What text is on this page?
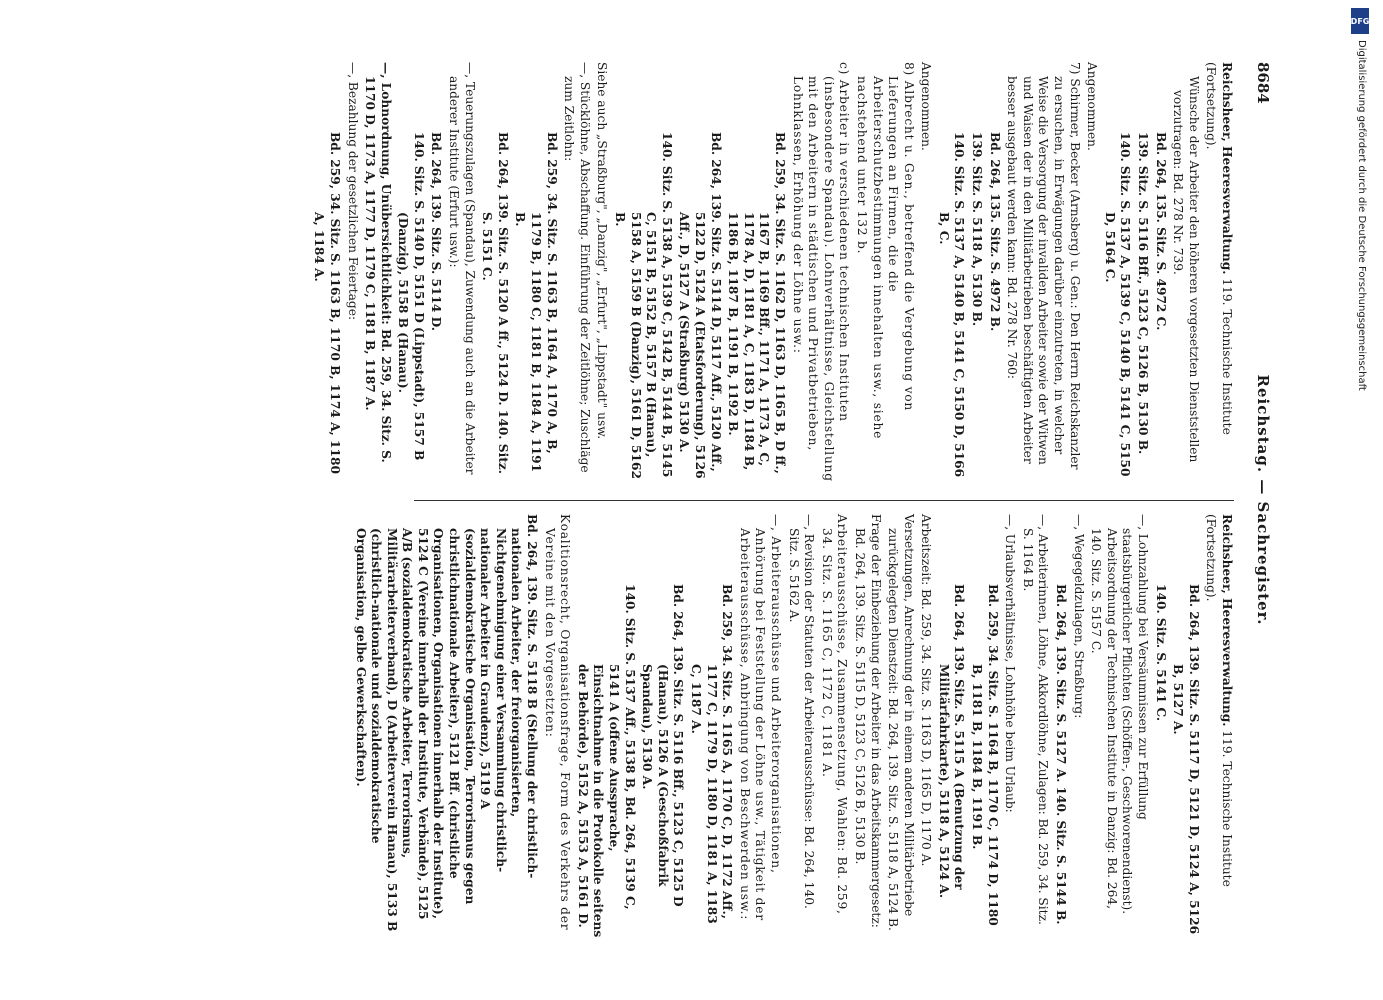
8684
Reichstag. — Sachregister.

Reichsheer, Heeresverwaltung. 119. Technische Institute (Fortsetzung).

Wünsche der Arbeiter den höheren vorgesetzten Dienststellen vorzutragen: Bd. 278 Nr. 739.

Bd. 264, 135. Sitz. S. 4972 C.

139. Sitz. S. 5116 Bff., 5123 C, 5126 B, 5130 B.

140. Sitz. S. 5137 A, 5139 C, 5140 B, 5141 C, 5150 D, 5164 C.

Angenommen.

7) Schirmer, Becker (Arnsberg) u. Gen.: Den Herrn Reichskanzler zu ersuchen, in Erwägungen darüber einzutreten, in welcher Weise die Versorgung der invaliden Arbeiter sowie der Witwen und Waisen der in den Militärbetrieben beschäftigten Arbeiter besser ausgebaut werden kann: Bd. 278 Nr. 760:

Bd. 264, 135. Sitz. S. 4972 B.

139. Sitz. S. 5118 A, 5130 B.

140. Sitz. S. 5137 A, 5140 B, 5141 C, 5150 D, 5166 B, C.

Angenommen.

8) Albrecht u. Gen., betreffend die Vergebung von Lieferungen an Firmen, die die Arbeiterschutzbestimmungen innehalten usw., siehe nachstehend unter 132 b.

c) Arbeiter in verschiedenen technischen Instituten (insbesondere Spandau). Lohnverhältnisse, Gleichstellung mit den Arbeitern in städtischen und Privatbetrieben, Lohnklassen, Erhöhung der Löhne usw.:

Bd. 259, 34. Sitz. S. 1162 D, 1163 D, 1165 B, D ff., 1167 B, 1169 Bff., 1171 A, 1173 A, C, 1178 A, D, 1181 A, C, 1183 D, 1184 B, 1186 B, 1187 B, 1191 B, 1192 B.

Bd. 264, 139. Sitz. S. 5114 D, 5117 Aff., 5120 Aff., 5122 D, 5124 A (Etatsforderung), 5126 Aff., D, 5127 A (Straßburg) 5130 A.

140. Sitz. S. 5138 A, 5139 C, 5142 B, 5144 B, 5145 C, 5151 B, 5152 B, 5157 B (Hanau), 5158 A, 5159 B (Danzig), 5161 D, 5162 B.

Siehe auch „Straßburg", „Danzig", „Erfurt", „Lippstadt" usw.

—, Stücklöhne, Abschaffung. Einführung der Zeitlöhne; Zuschläge zum Zeitlohn:

Bd. 259, 34. Sitz. S. 1163 B, 1164 A, 1170 A, B, 1179 B, 1180 C, 1181 B, 1184 A, 1191 B.

Bd. 264, 139. Sitz. S. 5120 A ff., 5124 D. 140. Sitz. S. 5151 C.

—, Teuerungszulagen (Spandau), Zuwendung auch an die Arbeiter anderer Institute (Erfurt usw.):

Bd. 264, 139. Sitz. S. 5114 D.

140. Sitz. S. 5140 D, 5151 D (Lippstadt), 5157 B (Danzig), 5158 B (Hanau).

—, Lohnordnung, Unübersichtlichkeit: Bd. 259, 34. Sitz. S. 1170 D, 1173 A, 1177 D, 1179 C, 1181 B, 1187 A.

—, Bezahlung der gesetzlichen Feiertage:

Bd. 259, 34. Sitz. S. 1163 B, 1170 B, 1174 A, 1180 A, 1184 A.

Reichsheer, Heeresverwaltung. 119. Technische Institute (Fortsetzung).

Bd. 264, 139. Sitz. S. 5117 D, 5121 D, 5124 A, 5126 B, 5127 A.

140. Sitz. S. 5141 C.

—, Lohnzahlung bei Versäumnissen zur Erfüllung staatsbürgerlicher Pflichten (Schöffen-, Geschworenendienst). Arbeitsordnung der Technischen Institute in Danzig: Bd. 264, 140. Sitz. S. 5157 C.

—, Wegegeldzulagen, Straßburg:

Bd. 264, 139. Sitz. S. 5127 A. 140. Sitz. S. 5144 B.

—, Arbeiterinnen, Löhne, Akkordlöhne, Zulagen: Bd. 259, 34. Sitz. S. 1164 B.

—, Urlaubsverhältnisse, Lohnhöhe beim Urlaub:

Bd. 259, 34. Sitz. S. 1164 B, 1170 C, 1174 D, 1180 B, 1181 B, 1184 B, 1191 B.

Bd. 264, 139. Sitz. S. 5115 A (Benutzung der Militärfahrkarte), 5118 A, 5124 A.

Arbeitszeit: Bd. 259, 34. Sitz. S. 1163 D, 1165 D, 1170 A.

Versetzungen, Anrechnung der in einem anderen Militärbetriebe zurückgelegten Dienstzeit: Bd. 264, 139. Sitz. S. 5118 A, 5124 B.

Frage der Einbeziehung der Arbeiter in das Arbeitskammergesetz: Bd. 264, 139. Sitz. S. 5115 D, 5123 C, 5126 B, 5130 B.

Arbeiterausschüsse, Zusammensetzung, Wahlen: Bd. 259, 34. Sitz. S. 1165 C, 1172 C, 1181 A.

—, Revision der Statuten der Arbeiterausschüsse: Bd. 264, 140. Sitz. S. 5162 A.

—, Arbeiterausschüsse und Arbeiterorganisationen, Anhörung bei Feststellung der Löhne usw., Tätigkeit der Arbeiterausschüsse, Anbringung von Beschwerden usw.:

Bd. 259, 34. Sitz. S. 1165 A, 1170 C, D, 1172 Aff., 1177 C, 1179 D, 1180 D, 1181 A, 1183 C, 1187 A.

Bd. 264, 139. Sitz. S. 5116 Bff., 5123 C, 5125 D (Hanau), 5126 A (Geschoßfabrik Spandau), 5130 A.

140. Sitz. S. 5137 Aff., 5138 B, Bd. 264, 5139 C, 5141 A (offene Aussprache, Einsichtnahme in die Protokolle seitens der Behörde), 5152 A, 5153 A, 5161 D.

Koalitionsrecht, Organisationsfrage, Form des Verkehrs der Vereine mit den Vorgesetzten:

Bd. 264, 139. Sitz. S. 5118 B (Stellung der christlich-nationalen Arbeiter, der freiorganisierten, Nichtgenehmigung einer Versammlung christlich-nationaler Arbeiter in Graudenz), 5119 A (sozialdemokratische Organisation, Terrorismus gegen christlichnationale Arbeiter), 5121 Bff. (christliche Organisationen, Organisationen innerhalb der Institute), 5124 C (Vereine innerhalb der Institute, Verbände), 5125 A/B (sozialdemokratische Arbeiter, Terrorismus, Militärarbeiterverband), D (Arbeiterverein Hanau), 5133 B (christlich-nationale und sozialdemokratische Organisation, gelbe Gewerkschaften).

DFG
Digitalisierung gefördert durch die Deutsche Forschungsgemeinschaft
